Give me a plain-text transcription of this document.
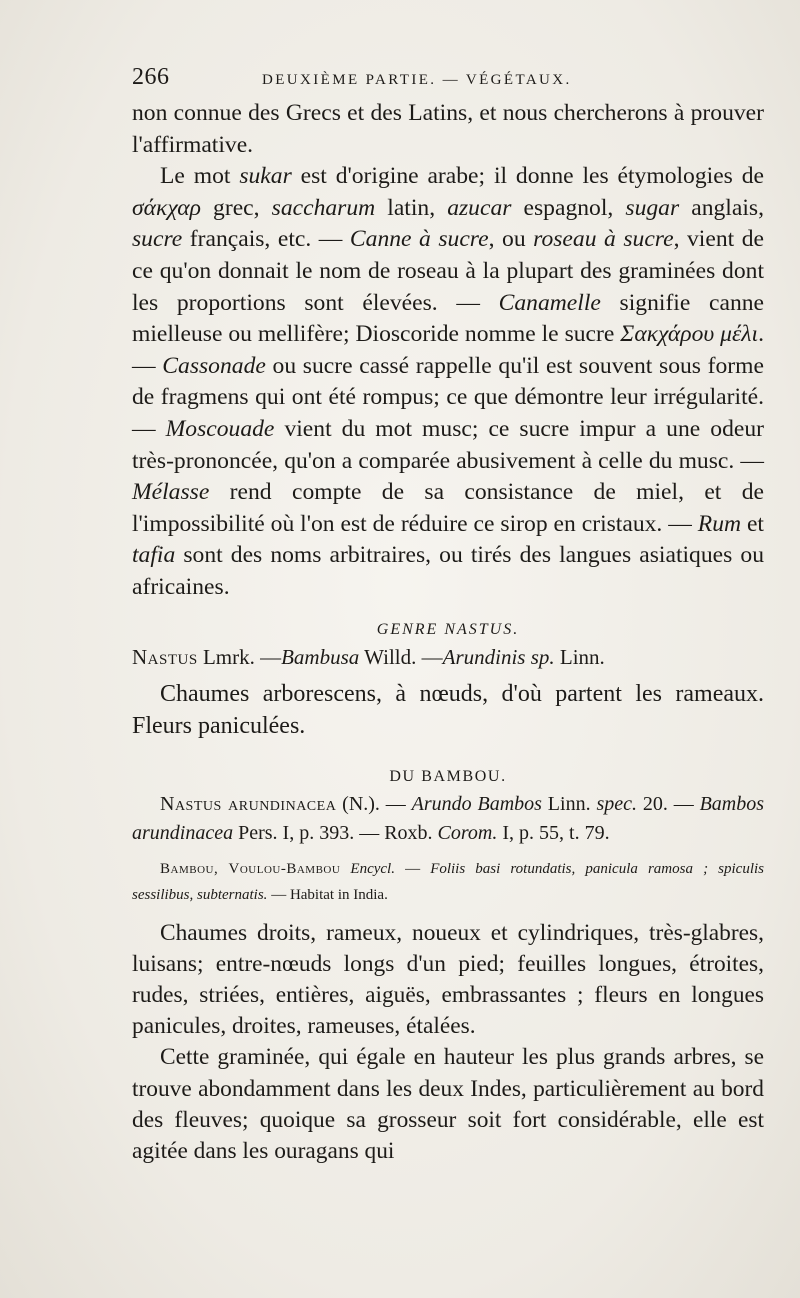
266	DEUXIÈME PARTIE. — VÉGÉTAUX.

non connue des Grecs et des Latins, et nous chercherons à prouver l'affirmative.

Le mot sukar est d'origine arabe; il donne les étymologies de σάκχαρ grec, saccharum latin, azucar espagnol, sugar anglais, sucre français, etc. — Canne à sucre, ou roseau à sucre, vient de ce qu'on donnait le nom de roseau à la plupart des graminées dont les proportions sont élevées. — Canamelle signifie canne mielleuse ou mellifère; Dioscoride nomme le sucre Σακχάρου μέλι. — Cassonade ou sucre cassé rappelle qu'il est souvent sous forme de fragmens qui ont été rompus; ce que démontre leur irrégularité. — Moscouade vient du mot musc; ce sucre impur a une odeur très-prononcée, qu'on a comparée abusivement à celle du musc. — Mélasse rend compte de sa consistance de miel, et de l'impossibilité où l'on est de réduire ce sirop en cristaux. — Rum et tafia sont des noms arbitraires, ou tirés des langues asiatiques ou africaines.

GENRE NASTUS.

Nastus Lmrk. —Bambusa Willd. —Arundinis sp. Linn.

Chaumes arborescens, à nœuds, d'où partent les rameaux. Fleurs paniculées.

DU BAMBOU.

Nastus arundinacea (N.). — Arundo Bambos Linn. spec. 20. — Bambos arundinacea Pers. I, p. 393. — Roxb. Corom. I, p. 55, t. 79.

Bambou, Voulou-Bambou Encycl. — Foliis basi rotundatis, panicula ramosa ; spiculis sessilibus, subternatis. — Habitat in India.

Chaumes droits, rameux, noueux et cylindriques, très-glabres, luisans; entre-nœuds longs d'un pied; feuilles longues, étroites, rudes, striées, entières, aiguës, embrassantes ; fleurs en longues panicules, droites, rameuses, étalées.

Cette graminée, qui égale en hauteur les plus grands arbres, se trouve abondamment dans les deux Indes, particulièrement au bord des fleuves; quoique sa grosseur soit fort considérable, elle est agitée dans les ouragans qui
